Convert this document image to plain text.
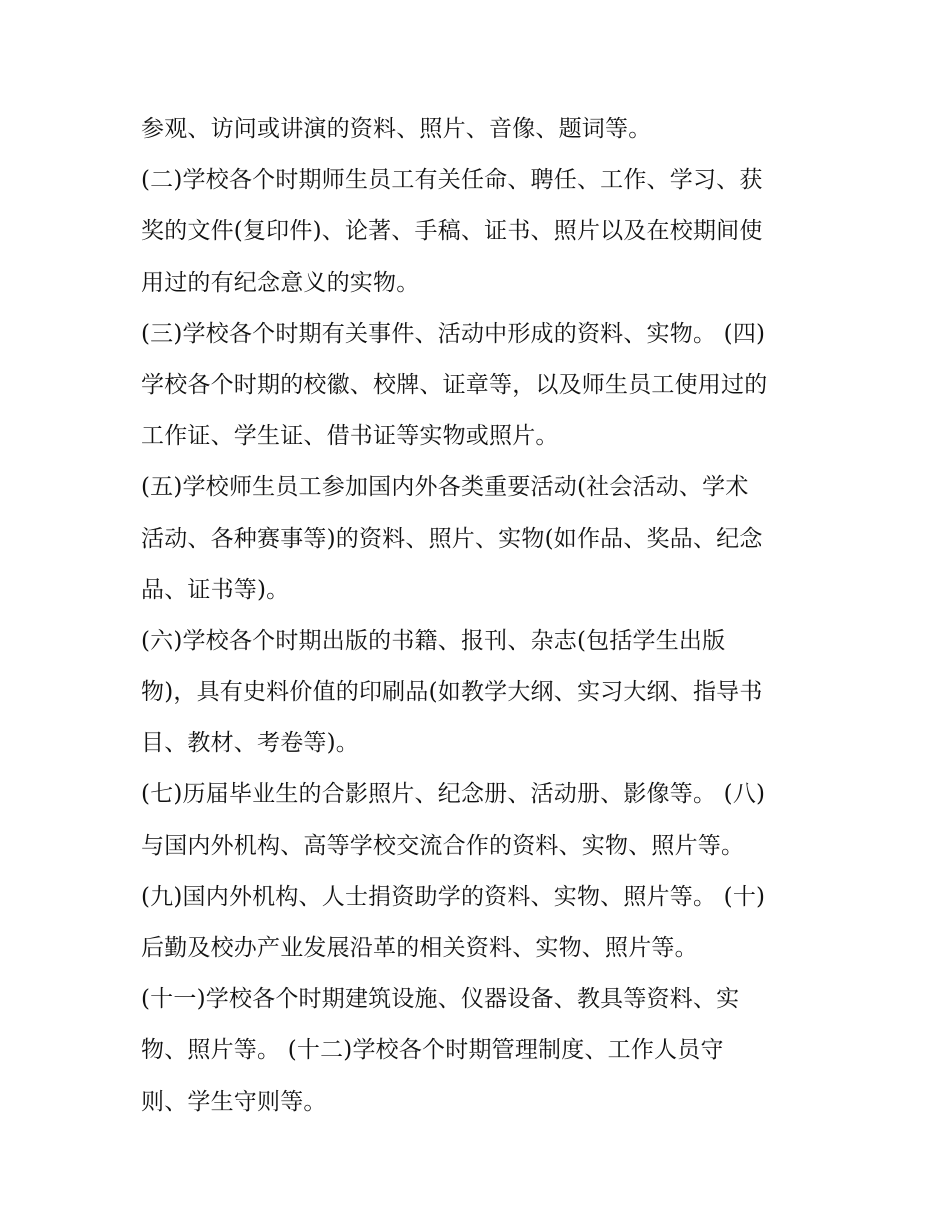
参观、访问或讲演的资料、照片、音像、题词等。
(二)学校各个时期师生员工有关任命、聘任、工作、学习、获
奖的文件(复印件)、论著、手稿、证书、照片以及在校期间使
用过的有纪念意义的实物。
(三)学校各个时期有关事件、活动中形成的资料、实物。 (四)
学校各个时期的校徽、校牌、证章等，以及师生员工使用过的
工作证、学生证、借书证等实物或照片。
(五)学校师生员工参加国内外各类重要活动(社会活动、学术
活动、各种赛事等)的资料、照片、实物(如作品、奖品、纪念
品、证书等)。
(六)学校各个时期出版的书籍、报刊、杂志(包括学生出版
物)，具有史料价值的印刷品(如教学大纲、实习大纲、指导书
目、教材、考卷等)。
(七)历届毕业生的合影照片、纪念册、活动册、影像等。 (八)
与国内外机构、高等学校交流合作的资料、实物、照片等。
(九)国内外机构、人士捐资助学的资料、实物、照片等。 (十)
后勤及校办产业发展沿革的相关资料、实物、照片等。
(十一)学校各个时期建筑设施、仪器设备、教具等资料、实
物、照片等。 (十二)学校各个时期管理制度、工作人员守
则、学生守则等。
